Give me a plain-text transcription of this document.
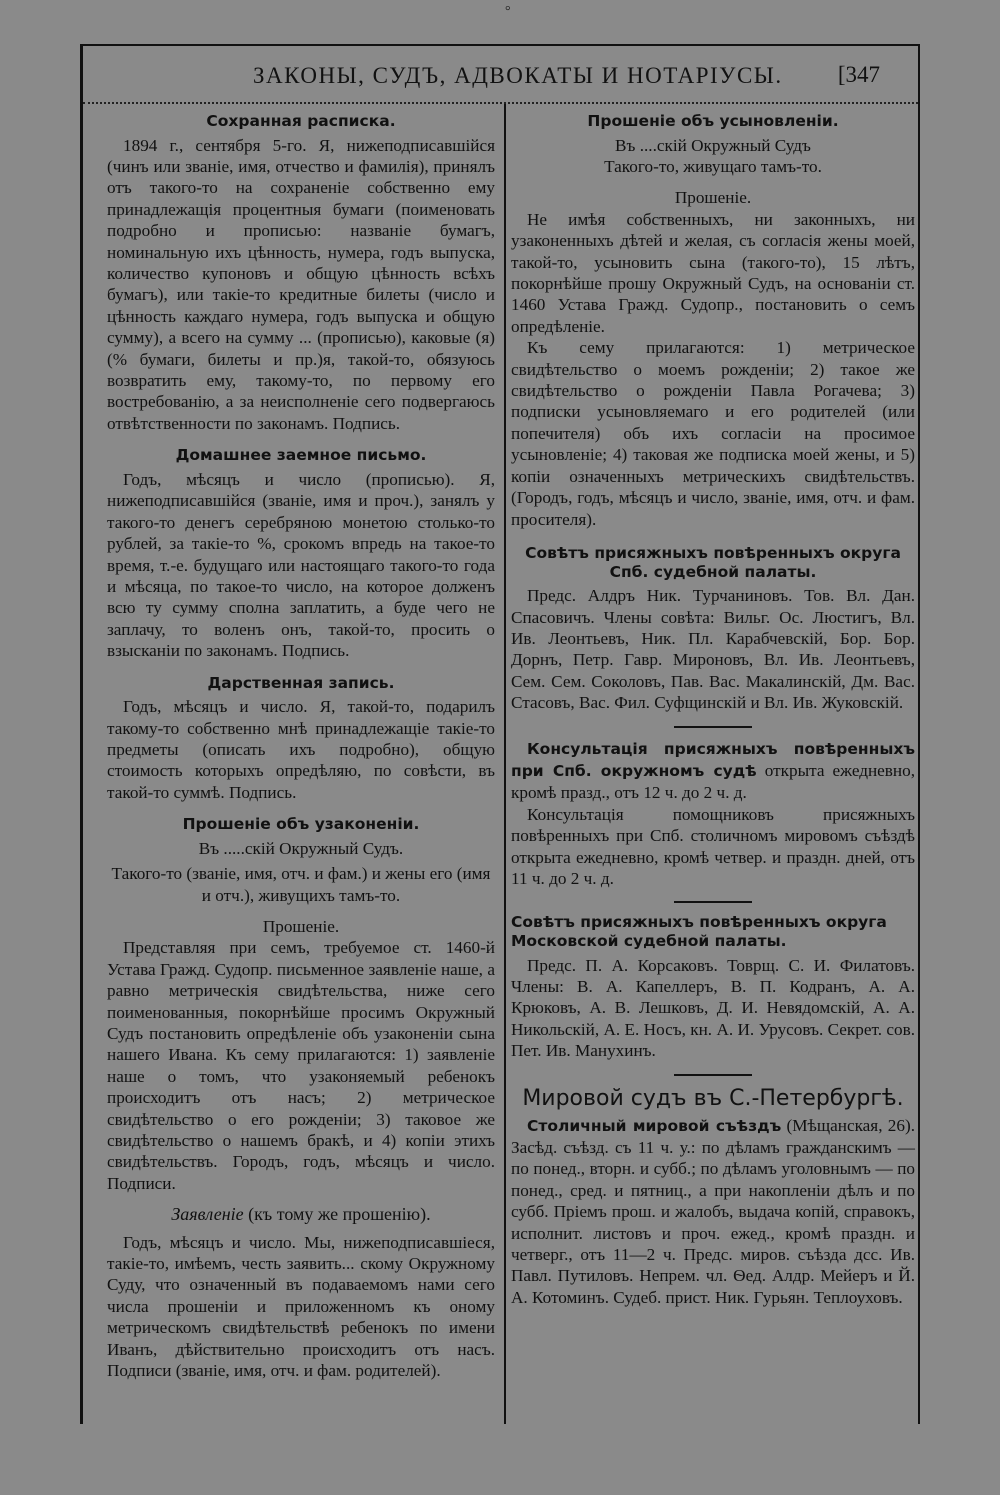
°
ЗАКОНЫ, СУДЪ, АДВОКАТЫ И НОТАРІУСЫ. [347
Сохранная расписка.

1894 г., сентября 5-го. Я, нижеподписавшійся (чинъ или званіе, имя, отчество и фамилія), принялъ отъ такого-то на сохраненіе собственно ему принадлежащія процентныя бумаги (поименовать подробно и прописью: названіе бумагъ, номинальную ихъ цѣнность, нумера, годъ выпуска, количество купоновъ и общую цѣнность всѣхъ бумагъ), или такіе-то кредитные билеты (число и цѣнность каждаго нумера, годъ выпуска и общую сумму), а всего на сумму ... (прописью), каковые (я) (% бумаги, билеты и пр.)я, такой-то, обязуюсь возвратить ему, такому-то, по первому его востребованію, а за неисполненіе сего подвергаюсь отвѣтственности по законамъ. Подпись.

Домашнее заемное письмо.

Годъ, мѣсяцъ и число (прописью). Я, нижеподписавшійся (званіе, имя и проч.), занялъ у такого-то денегъ серебряною монетою столько-то рублей, за такіе-то %, срокомъ впредь на такое-то время, т.-е. будущаго или настоящаго такого-то года и мѣсяца, по такое-то число, на которое долженъ всю ту сумму сполна заплатить, а буде чего не заплачу, то воленъ онъ, такой-то, просить о взысканіи по законамъ. Подпись.

Дарственная запись.

Годъ, мѣсяцъ и число. Я, такой-то, подарилъ такому-то собственно мнѣ принадлежащіе такіе-то предметы (описать ихъ подробно), общую стоимость которыхъ опредѣляю, по совѣсти, въ такой-то суммѣ. Подпись.

Прошеніе объ узаконеніи.

Въ .....скій Окружный Судъ.

Такого-то (званіе, имя, отч. и фам.) и жены его (имя и отч.), живущихъ тамъ-то.

Прошеніе.

Представляя при семъ, требуемое ст. 1460-й Устава Гражд. Судопр. письменное заявленіе наше, а равно метрическія свидѣтельства, ниже сего поименованныя, покорнѣйше просимъ Окружный Судъ постановить опредѣленіе объ узаконеніи сына нашего Ивана. Къ сему прилагаются: 1) заявленіе наше о томъ, что узаконяемый ребенокъ происходитъ отъ насъ; 2) метрическое свидѣтельство о его рожденіи; 3) таковое же свидѣтельство о нашемъ бракѣ, и 4) копіи этихъ свидѣтельствъ. Городъ, годъ, мѣсяцъ и число. Подписи.

Заявленіе (къ тому же прошенію).

Годъ, мѣсяцъ и число. Мы, нижеподписавшіеся, такіе-то, имѣемъ, честь заявить... скому Окружному Суду, что означенный въ подаваемомъ нами сего числа прошеніи и приложенномъ къ оному метрическомъ свидѣтельствѣ ребенокъ по имени Иванъ, дѣйствительно происходитъ отъ насъ. Подписи (званіе, имя, отч. и фам. родителей).

Прошеніе объ усыновленіи.

Въ ....скій Окружный Судъ

Такого-то, живущаго тамъ-то.

Прошеніе.

Не имѣя собственныхъ, ни законныхъ, ни узаконенныхъ дѣтей и желая, съ согласія жены моей, такой-то, усыновить сына (такого-то), 15 лѣтъ, покорнѣйше прошу Окружный Судъ, на основаніи ст. 1460 Устава Гражд. Судопр., постановить о семъ опредѣленіе.

Къ сему прилагаются: 1) метрическое свидѣтельство о моемъ рожденіи; 2) такое же свидѣтельство о рожденіи Павла Рогачева; 3) подписки усыновляемаго и его родителей (или попечителя) объ ихъ согласіи на просимое усыновленіе; 4) таковая же подписка моей жены, и 5) копіи означенныхъ метрическихъ свидѣтельствъ. (Городъ, годъ, мѣсяцъ и число, званіе, имя, отч. и фам. просителя).

Совѣтъ присяжныхъ повѣренныхъ округа Спб. судебной палаты.

Предс. Алдръ Ник. Турчаниновъ. Тов. Вл. Дан. Спасовичъ. Члены совѣта: Вильг. Ос. Люстигъ, Вл. Ив. Леонтьевъ, Ник. Пл. Карабчевскій, Бор. Бор. Дорнъ, Петр. Гавр. Мироновъ, Вл. Ив. Леонтьевъ, Сем. Сем. Соколовъ, Пав. Вас. Макалинскій, Дм. Вас. Стасовъ, Вас. Фил. Суфщинскій и Вл. Ив. Жуковскій.

Консультація присяжныхъ повѣренныхъ при Спб. окружномъ судѣ открыта ежедневно, кромѣ празд., отъ 12 ч. до 2 ч. д.

Консультація помощниковъ присяжныхъ повѣренныхъ при Спб. столичномъ мировомъ съѣздѣ открыта ежедневно, кромѣ четвер. и праздн. дней, отъ 11 ч. до 2 ч. д.

Совѣтъ присяжныхъ повѣренныхъ округа Московской судебной палаты.

Предс. П. А. Корсаковъ. Товрщ. С. И. Филатовъ. Члены: В. А. Капеллеръ, В. П. Кодранъ, А. А. Крюковъ, А. В. Лешковъ, Д. И. Невядомскій, А. А. Никольскій, А. Е. Носъ, кн. А. И. Урусовъ. Секрет. сов. Пет. Ив. Манухинъ.

Мировой судъ въ С.-Петербургѣ.

Столичный мировой съѣздъ (Мѣщанская, 26). Засѣд. съѣзд. съ 11 ч. у.: по дѣламъ гражданскимъ — по понед., вторн. и субб.; по дѣламъ уголовнымъ — по понед., сред. и пятниц., а при накопленіи дѣлъ и по субб. Пріемъ прош. и жалобъ, выдача копій, справокъ, исполнит. листовъ и проч. ежед., кромѣ праздн. и четверг., отъ 11—2 ч. Предс. миров. съѣзда дсс. Ив. Павл. Путиловъ. Непрем. чл. Ѳед. Алдр. Мейеръ и Й. А. Котоминъ. Судеб. прист. Ник. Гурьян. Теплоуховъ.
